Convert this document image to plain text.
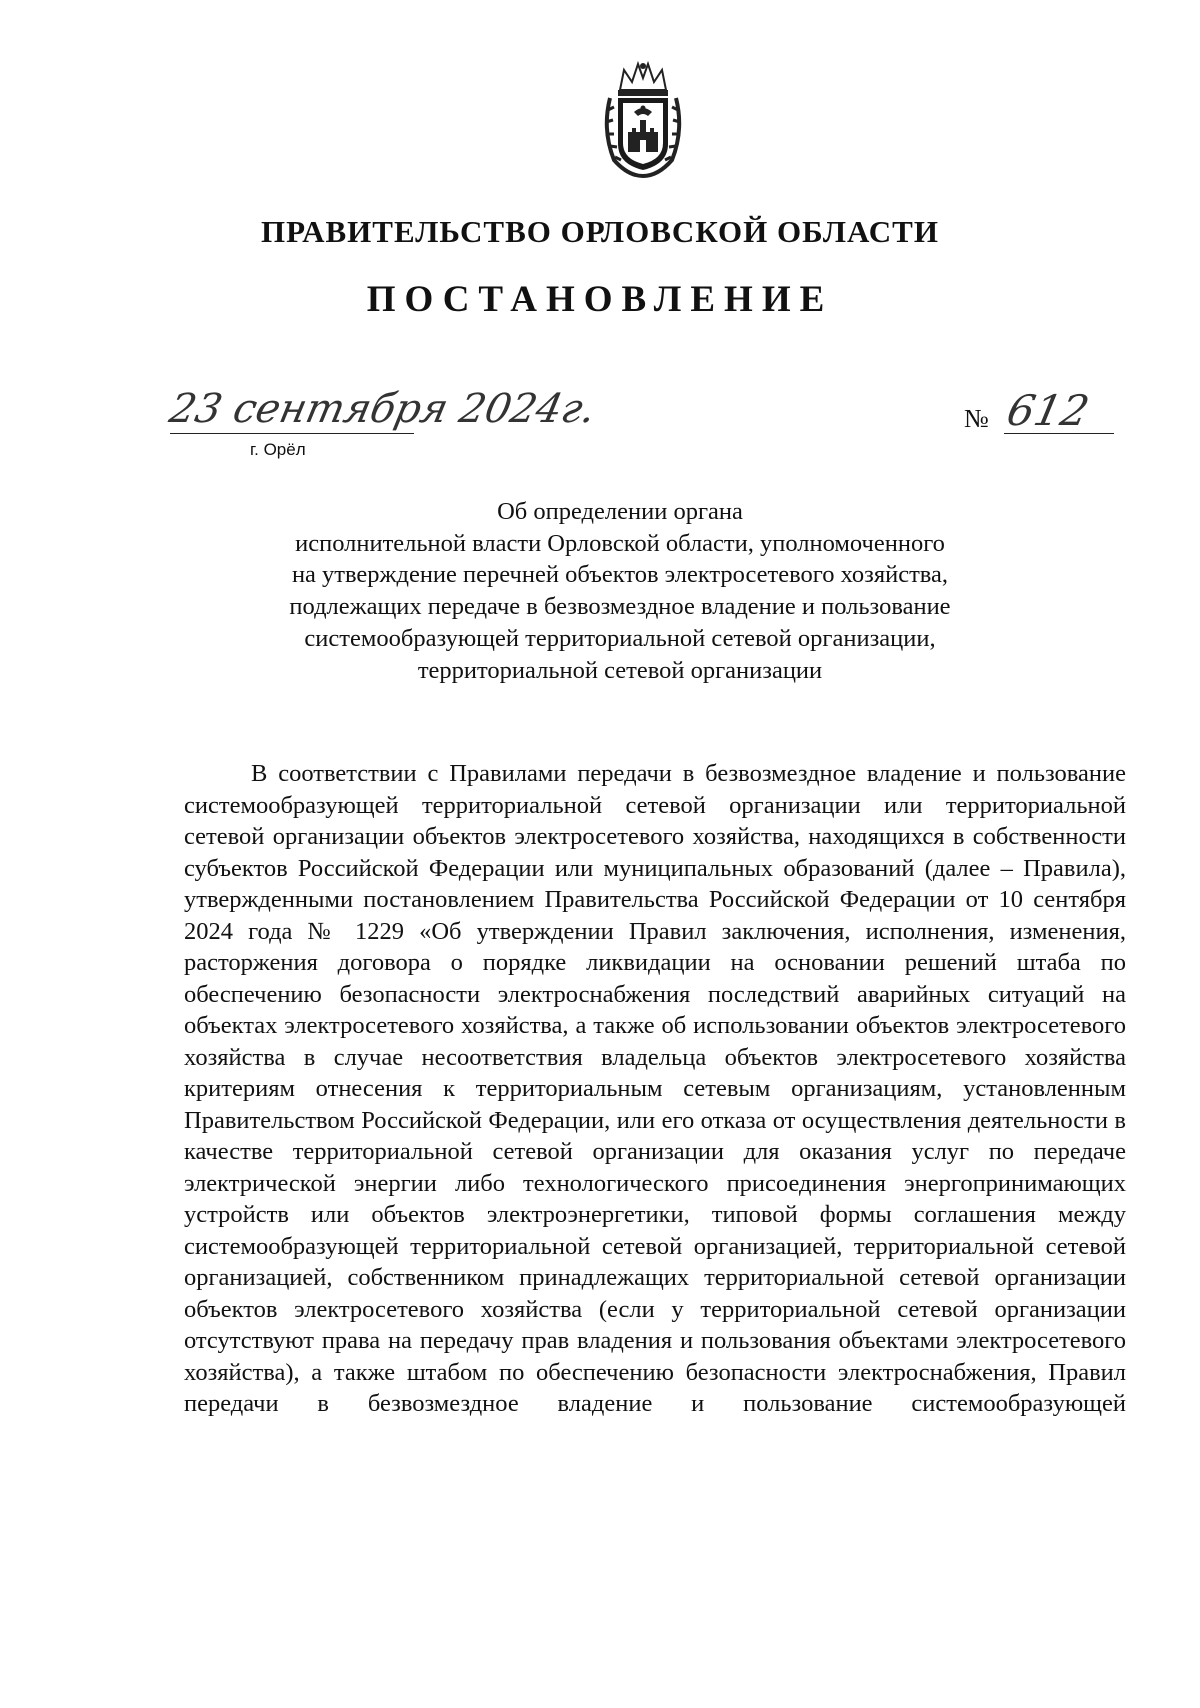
ПРАВИТЕЛЬСТВО ОРЛОВСКОЙ ОБЛАСТИ
ПОСТАНОВЛЕНИЕ
23 сентября 2024г.
г. Орёл
№ 612
Об определении органа
исполнительной власти Орловской области, уполномоченного
на утверждение перечней объектов электросетевого хозяйства,
подлежащих передаче в безвозмездное владение и пользование
системообразующей территориальной сетевой организации,
территориальной сетевой организации

В соответствии с Правилами передачи в безвозмездное владение и пользование системообразующей территориальной сетевой организации или территориальной сетевой организации объектов электросетевого хозяйства, находящихся в собственности субъектов Российской Федерации или муниципальных образований (далее – Правила), утвержденными постановлением Правительства Российской Федерации от 10 сентября 2024 года № 1229 «Об утверждении Правил заключения, исполнения, изменения, расторжения договора о порядке ликвидации на основании решений штаба по обеспечению безопасности электроснабжения последствий аварийных ситуаций на объектах электросетевого хозяйства, а также об использовании объектов электросетевого хозяйства в случае несоответствия владельца объектов электросетевого хозяйства критериям отнесения к территориальным сетевым организациям, установленным Правительством Российской Федерации, или его отказа от осуществления деятельности в качестве территориальной сетевой организации для оказания услуг по передаче электрической энергии либо технологического присоединения энергопринимающих устройств или объектов электроэнергетики, типовой формы соглашения между системообразующей территориальной сетевой организацией, территориальной сетевой организацией, собственником принадлежащих территориальной сетевой организации объектов электросетевого хозяйства (если у территориальной сетевой организации отсутствуют права на передачу прав владения и пользования объектами электросетевого хозяйства), а также штабом по обеспечению безопасности электроснабжения, Правил передачи в безвозмездное владение и пользование системообразующей
